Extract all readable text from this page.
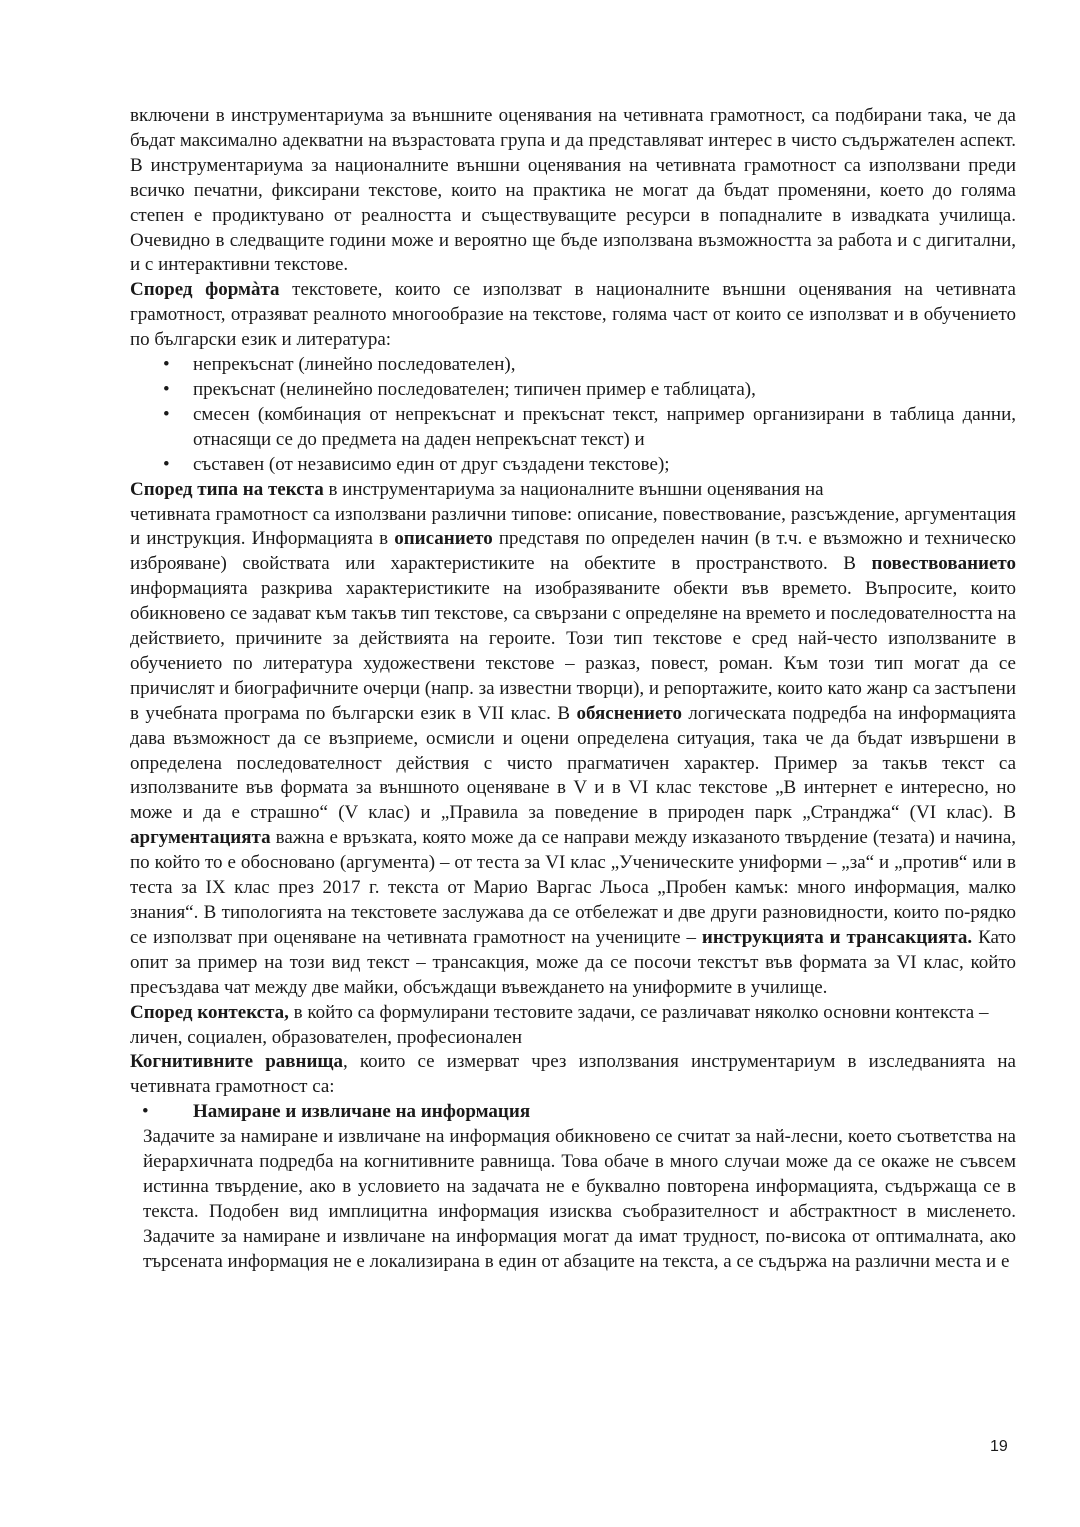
включени в инструментариума за външните оценявания на четивната грамотност, са подбирани така, че да бъдат максимално адекватни на възрастовата група и да представляват интерес в чисто съдържателен аспект. В инструментариума за националните външни оценявания на четивната грамотност са използвани преди всичко печатни, фиксирани текстове, които на практика не могат да бъдат променяни, което до голяма степен е продиктувано от реалността и съществуващите ресурси в попадналите в извадката училища. Очевидно в следващите години може и вероятно ще бъде използвана възможността за работа и с дигитални, и с интерактивни текстове.

Според формàта текстовете, които се използват в националните външни оценявания на четивната грамотност, отразяват реалното многообразие на текстове, голяма част от които се използват и в обучението по български език и литература:

• непрекъснат (линейно последователен),
• прекъснат (нелинейно последователен; типичен пример е таблицата),
• смесен (комбинация от непрекъснат и прекъснат текст, например организирани в таблица данни, отнасящи се до предмета на даден непрекъснат текст) и
• съставен (от независимо един от друг създадени текстове);

Според типа на текста в инструментариума за националните външни оценявания на

четивната грамотност са използвани различни типове: описание, повествование, разсъждение, аргументация и инструкция. Информацията в описанието представя по определен начин (в т.ч. е възможно и техническо изброяване) свойствата или характеристиките на обектите в пространството. В повествованието информацията разкрива характеристиките на изобразяваните обекти във времето. Въпросите, които обикновено се задават към такъв тип текстове, са свързани с определяне на времето и последователността на действието, причините за действията на героите. Този тип текстове е сред най-често използваните в обучението по литература художествени текстове – разказ, повест, роман. Към този тип могат да се причислят и биографичните очерци (напр. за известни творци), и репортажите, които като жанр са застъпени в учебната програма по български език в VII клас. В обяснението логическата подредба на информацията дава възможност да се възприеме, осмисли и оцени определена ситуация, така че да бъдат извършени в определена последователност действия с чисто прагматичен характер. Пример за такъв текст са използваните във формата за външното оценяване в V и в VI клас текстове „В интернет е интересно, но може и да е страшно“ (V клас) и „Правила за поведение в природен парк „Странджа“ (VI клас). В аргументацията важна е връзката, която може да се направи между изказаното твърдение (тезата) и начина, по който то е обосновано (аргумента) – от теста за VI клас „Ученическите униформи – „за“ и „против“ или в теста за IX клас през 2017 г. текста от Марио Варгас Льоса „Пробен камък: много информация, малко знания“. В типологията на текстовете заслужава да се отбележат и две други разновидности, които по-рядко се използват при оценяване на четивната грамотност на учениците – инструкцията и трансакцията. Като опит за пример на този вид текст – трансакция, може да се посочи текстът във формата за VI клас, който пресъздава чат между две майки, обсъждащи въвеждането на униформите в училище.

Според контекста, в който са формулирани тестовите задачи, се различават няколко основни контекста – личен, социален, образователен, професионален

Когнитивните равнища, които се измерват чрез използвания инструментариум в изследванията на четивната грамотност са:

• Намиране и извличане на информация

Задачите за намиране и извличане на информация обикновено се считат за най-лесни, което съответства на йерархичната подредба на когнитивните равнища. Това обаче в много случаи може да се окаже не съвсем истинна твърдение, ако в условието на задачата не е буквално повторена информацията, съдържаща се в текста. Подобен вид имплицитна информация изисква съобразителност и абстрактност в мисленето. Задачите за намиране и извличане на информация могат да имат трудност, по-висока от оптималната, ако търсената информация не е локализирана в един от абзаците на текста, а се съдържа на различни места и е

19
